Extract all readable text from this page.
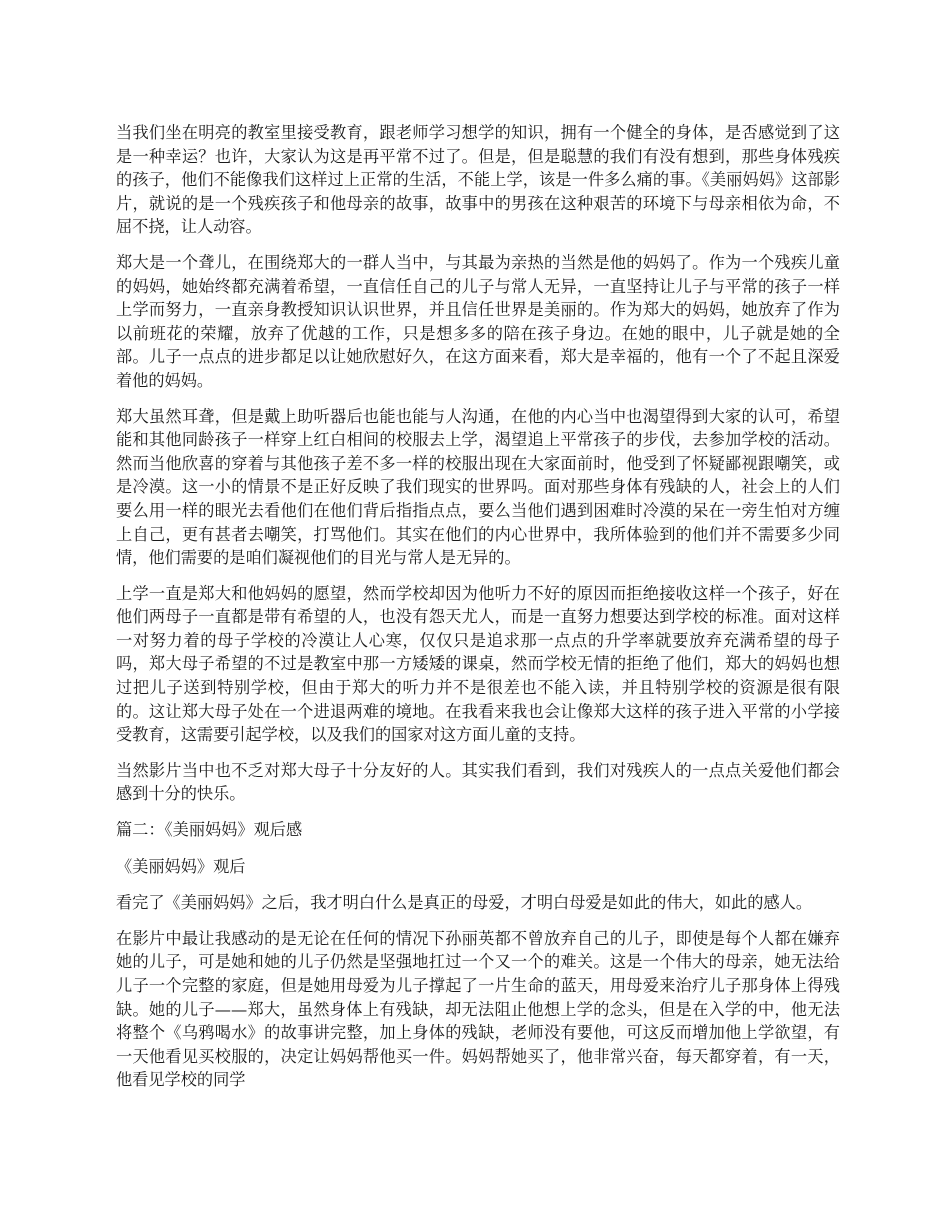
当我们坐在明亮的教室里接受教育，跟老师学习想学的知识，拥有一个健全的身体，是否感觉到了这是一种幸运？也许，大家认为这是再平常不过了。但是，但是聪慧的我们有没有想到，那些身体残疾的孩子，他们不能像我们这样过上正常的生活，不能上学，该是一件多么痛的事。《美丽妈妈》这部影片，就说的是一个残疾孩子和他母亲的故事，故事中的男孩在这种艰苦的环境下与母亲相依为命，不屈不挠，让人动容。

郑大是一个聋儿，在围绕郑大的一群人当中，与其最为亲热的当然是他的妈妈了。作为一个残疾儿童的妈妈，她始终都充满着希望，一直信任自己的儿子与常人无异，一直坚持让儿子与平常的孩子一样上学而努力，一直亲身教授知识认识世界，并且信任世界是美丽的。作为郑大的妈妈，她放弃了作为以前班花的荣耀，放弃了优越的工作，只是想多多的陪在孩子身边。在她的眼中，儿子就是她的全部。儿子一点点的进步都足以让她欣慰好久，在这方面来看，郑大是幸福的，他有一个了不起且深爱着他的妈妈。

郑大虽然耳聋，但是戴上助听器后也能也能与人沟通，在他的内心当中也渴望得到大家的认可，希望能和其他同龄孩子一样穿上红白相间的校服去上学，渴望追上平常孩子的步伐，去参加学校的活动。然而当他欣喜的穿着与其他孩子差不多一样的校服出现在大家面前时，他受到了怀疑鄙视跟嘲笑，或是冷漠。这一小的情景不是正好反映了我们现实的世界吗。面对那些身体有残缺的人，社会上的人们要么用一样的眼光去看他们在他们背后指指点点，要么当他们遇到困难时冷漠的呆在一旁生怕对方缠上自己，更有甚者去嘲笑，打骂他们。其实在他们的内心世界中，我所体验到的他们并不需要多少同情，他们需要的是咱们凝视他们的目光与常人是无异的。

上学一直是郑大和他妈妈的愿望，然而学校却因为他听力不好的原因而拒绝接收这样一个孩子，好在他们两母子一直都是带有希望的人，也没有怨天尤人，而是一直努力想要达到学校的标准。面对这样一对努力着的母子学校的冷漠让人心寒，仅仅只是追求那一点点的升学率就要放弃充满希望的母子吗，郑大母子希望的不过是教室中那一方矮矮的课桌，然而学校无情的拒绝了他们，郑大的妈妈也想过把儿子送到特别学校，但由于郑大的听力并不是很差也不能入读，并且特别学校的资源是很有限的。这让郑大母子处在一个进退两难的境地。在我看来我也会让像郑大这样的孩子进入平常的小学接受教育，这需要引起学校，以及我们的国家对这方面儿童的支持。

当然影片当中也不乏对郑大母子十分友好的人。其实我们看到，我们对残疾人的一点点关爱他们都会感到十分的快乐。

篇二：《美丽妈妈》观后感

《美丽妈妈》观后

看完了《美丽妈妈》之后，我才明白什么是真正的母爱，才明白母爱是如此的伟大，如此的感人。

在影片中最让我感动的是无论在任何的情况下孙丽英都不曾放弃自己的儿子，即使是每个人都在嫌弃她的儿子，可是她和她的儿子仍然是坚强地扛过一个又一个的难关。这是一个伟大的母亲，她无法给儿子一个完整的家庭，但是她用母爱为儿子撑起了一片生命的蓝天，用母爱来治疗儿子那身体上得残缺。她的儿子——郑大，虽然身体上有残缺，却无法阻止他想上学的念头，但是在入学的中，他无法将整个《乌鸦喝水》的故事讲完整，加上身体的残缺，老师没有要他，可这反而增加他上学欲望，有一天他看见买校服的，决定让妈妈帮他买一件。妈妈帮她买了，他非常兴奋，每天都穿着，有一天，他看见学校的同学
